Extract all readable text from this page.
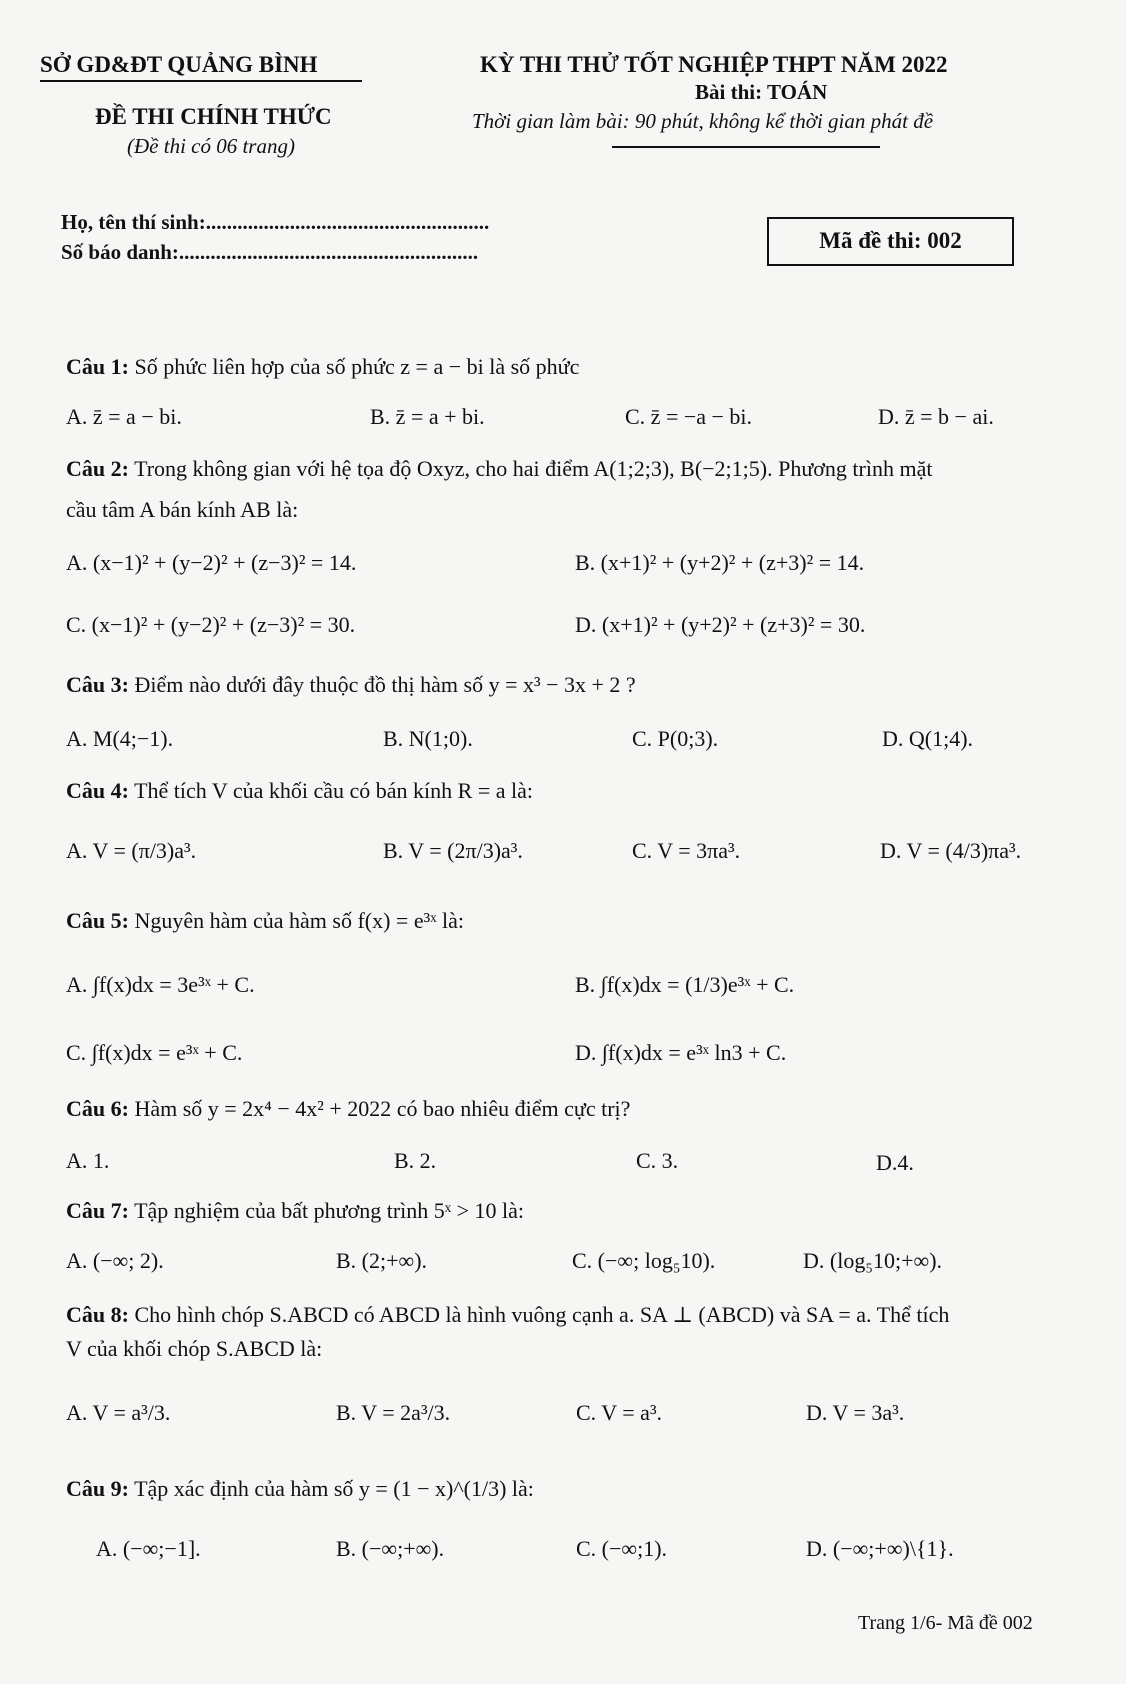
SỞ GD&ĐT QUẢNG BÌNH
ĐỀ THI CHÍNH THỨC
(Đề thi có 06 trang)
KỲ THI THỬ TỐT NGHIỆP THPT NĂM 2022
Bài thi: TOÁN
Thời gian làm bài: 90 phút, không kể thời gian phát đề
Họ, tên thí sinh:......................................................
Số báo danh:.........................................................	Mã đề thi: 002
Câu 1: Số phức liên hợp của số phức z = a − bi là số phức
A. z̄ = a − bi.	B. z̄ = a + bi.	C. z̄ = −a − bi.	D. z̄ = b − ai.
Câu 2: Trong không gian với hệ tọa độ Oxyz, cho hai điểm A(1;2;3), B(−2;1;5). Phương trình mặt
cầu tâm A bán kính AB là:
A. (x−1)² + (y−2)² + (z−3)² = 14.	B. (x+1)² + (y+2)² + (z+3)² = 14.
C. (x−1)² + (y−2)² + (z−3)² = 30.	D. (x+1)² + (y+2)² + (z+3)² = 30.
Câu 3: Điểm nào dưới đây thuộc đồ thị hàm số y = x³ − 3x + 2 ?
A. M(4;−1).	B. N(1;0).	C. P(0;3).	D. Q(1;4).
Câu 4: Thể tích V của khối cầu có bán kính R = a là:
A. V = (π/3)a³.	B. V = (2π/3)a³.	C. V = 3πa³.	D. V = (4/3)πa³.
Câu 5: Nguyên hàm của hàm số f(x) = e³ˣ là:
A. ∫f(x)dx = 3e³ˣ + C.	B. ∫f(x)dx = (1/3)e³ˣ + C.
C. ∫f(x)dx = e³ˣ + C.	D. ∫f(x)dx = e³ˣ ln3 + C.
Câu 6: Hàm số y = 2x⁴ − 4x² + 2022 có bao nhiêu điểm cực trị?
A. 1.	B. 2.	C. 3.	D.4.
Câu 7: Tập nghiệm của bất phương trình 5ˣ > 10 là:
A. (−∞; 2).	B. (2;+∞).	C. (−∞; log₅10).	D. (log₅10;+∞).
Câu 8: Cho hình chóp S.ABCD có ABCD là hình vuông cạnh a. SA ⊥ (ABCD) và SA = a. Thể tích
V của khối chóp S.ABCD là:
A. V = a³/3.	B. V = 2a³/3.	C. V = a³.	D. V = 3a³.
Câu 9: Tập xác định của hàm số y = (1 − x)^(1/3) là:
A. (−∞;−1].	B. (−∞;+∞).	C. (−∞;1).	D. (−∞;+∞)\{1}.
Trang 1/6- Mã đề 002
